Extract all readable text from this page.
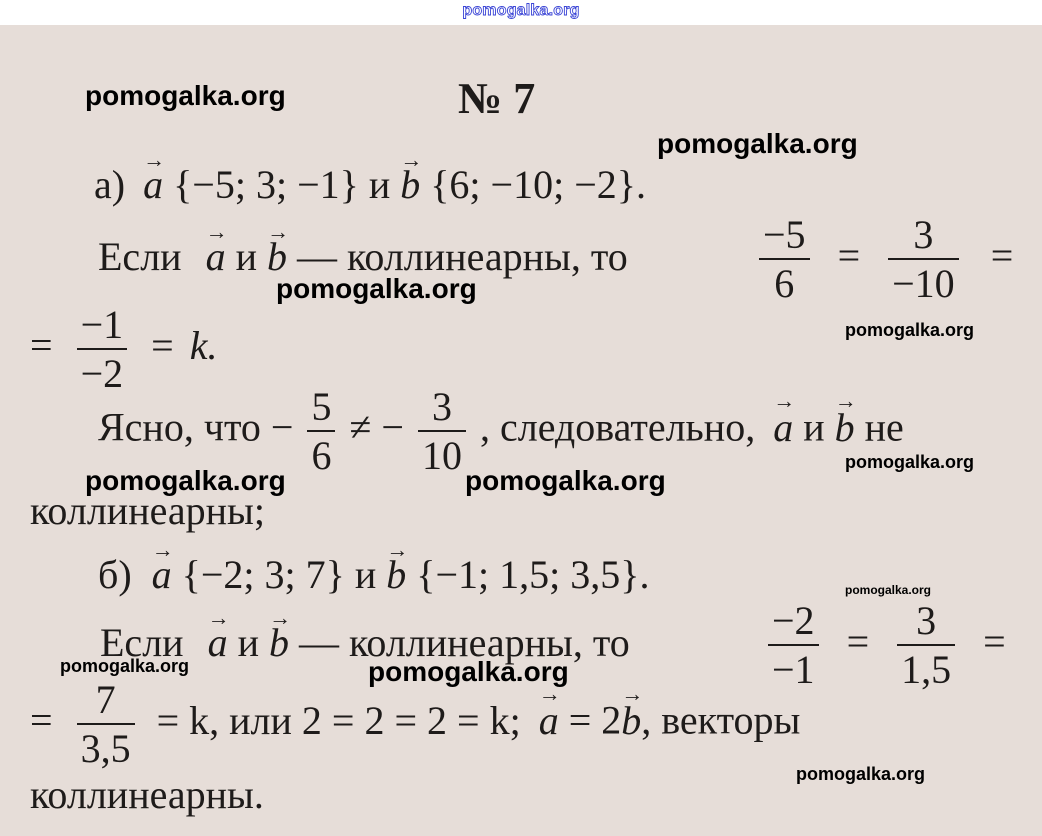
pomogalka.org
№ 7
а) → a {−5; 3; −1} и → b {6; −10; −2}.
Если → a и → b — коллинеарны, то	$\frac{-5}{6} = \frac{3}{-10}$ =
= $\frac{-1}{-2} = k$.
Ясно, что − $\frac{5}{6}$ ≠ − $\frac{3}{10}$ , следовательно, → a и → b не
коллинеарны;
б) → a {−2; 3; 7} и → b {−1; 1,5; 3,5}.
Если → a и → b — коллинеарны, то	$\frac{-2}{-1} = \frac{3}{1,5}$ =
= $\frac{7}{3,5} = k$, или 2 = 2 = 2 = k; → a = 2→ b, векторы
коллинеарны.
pomogalka.org
pomogalka.org
pomogalka.org
pomogalka.org
pomogalka.org
pomogalka.org	pomogalka.org
pomogalka.org
pomogalka.org	pomogalka.org
pomogalka.org
